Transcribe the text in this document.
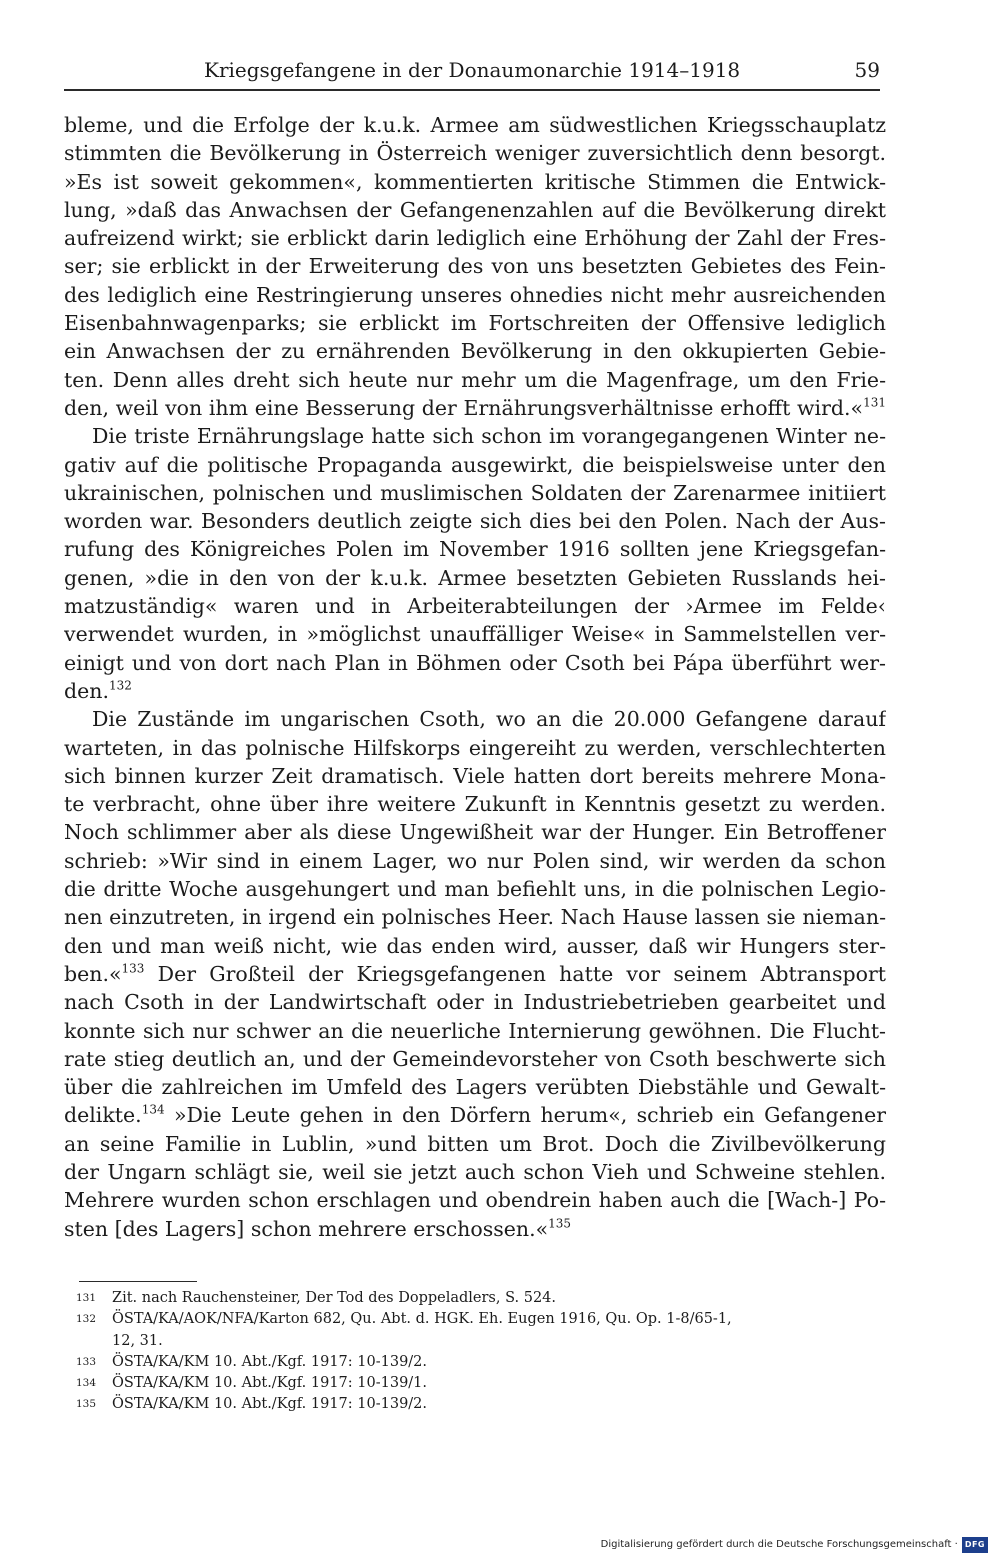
Kriegsgefangene in der Donaumonarchie 1914–1918	59
bleme, und die Erfolge der k.u.k. Armee am südwestlichen Kriegsschauplatz
stimmten die Bevölkerung in Österreich weniger zuversichtlich denn besorgt.
»Es ist soweit gekommen«, kommentierten kritische Stimmen die Entwick-
lung, »daß das Anwachsen der Gefangenenzahlen auf die Bevölkerung direkt
aufreizend wirkt; sie erblickt darin lediglich eine Erhöhung der Zahl der Fres-
ser; sie erblickt in der Erweiterung des von uns besetzten Gebietes des Fein-
des lediglich eine Restringierung unseres ohnedies nicht mehr ausreichenden
Eisenbahnwagenparks; sie erblickt im Fortschreiten der Offensive lediglich
ein Anwachsen der zu ernährenden Bevölkerung in den okkupierten Gebie-
ten. Denn alles dreht sich heute nur mehr um die Magenfrage, um den Frie-
den, weil von ihm eine Besserung der Ernährungsverhältnisse erhofft wird.«$^{131}$
Die triste Ernährungslage hatte sich schon im vorangegangenen Winter ne-
gativ auf die politische Propaganda ausgewirkt, die beispielsweise unter den
ukrainischen, polnischen und muslimischen Soldaten der Zarenarmee initiiert
worden war. Besonders deutlich zeigte sich dies bei den Polen. Nach der Aus-
rufung des Königreiches Polen im November 1916 sollten jene Kriegsgefan-
genen, »die in den von der k.u.k. Armee besetzten Gebieten Russlands hei-
matzuständig« waren und in Arbeiterabteilungen der ›Armee im Felde‹
verwendet wurden, in »möglichst unauffälliger Weise« in Sammelstellen ver-
einigt und von dort nach Plan in Böhmen oder Csoth bei Pápa überführt wer-
den.$^{132}$
Die Zustände im ungarischen Csoth, wo an die 20.000 Gefangene darauf
warteten, in das polnische Hilfskorps eingereiht zu werden, verschlechterten
sich binnen kurzer Zeit dramatisch. Viele hatten dort bereits mehrere Mona-
te verbracht, ohne über ihre weitere Zukunft in Kenntnis gesetzt zu werden.
Noch schlimmer aber als diese Ungewißheit war der Hunger. Ein Betroffener
schrieb: »Wir sind in einem Lager, wo nur Polen sind, wir werden da schon
die dritte Woche ausgehungert und man befiehlt uns, in die polnischen Legio-
nen einzutreten, in irgend ein polnisches Heer. Nach Hause lassen sie nieman-
den und man weiß nicht, wie das enden wird, ausser, daß wir Hungers ster-
ben.«$^{133}$ Der Großteil der Kriegsgefangenen hatte vor seinem Abtransport
nach Csoth in der Landwirtschaft oder in Industriebetrieben gearbeitet und
konnte sich nur schwer an die neuerliche Internierung gewöhnen. Die Flucht-
rate stieg deutlich an, und der Gemeindevorsteher von Csoth beschwerte sich
über die zahlreichen im Umfeld des Lagers verübten Diebstähle und Gewalt-
delikte.$^{134}$ »Die Leute gehen in den Dörfern herum«, schrieb ein Gefangener
an seine Familie in Lublin, »und bitten um Brot. Doch die Zivilbevölkerung
der Ungarn schlägt sie, weil sie jetzt auch schon Vieh und Schweine stehlen.
Mehrere wurden schon erschlagen und obendrein haben auch die [Wach-] Po-
sten [des Lagers] schon mehrere erschossen.«$^{135}$
131	Zit. nach Rauchensteiner, Der Tod des Doppeladlers, S. 524.
132	ÖSTA/KA/AOK/NFA/Karton 682, Qu. Abt. d. HGK. Eh. Eugen 1916, Qu. Op. 1-8/65-1,
12, 31.
133	ÖSTA/KA/KM 10. Abt./Kgf. 1917: 10-139/2.
134	ÖSTA/KA/KM 10. Abt./Kgf. 1917: 10-139/1.
135	ÖSTA/KA/KM 10. Abt./Kgf. 1917: 10-139/2.
Digitalisierung gefördert durch die Deutsche Forschungsgemeinschaft · DFG
